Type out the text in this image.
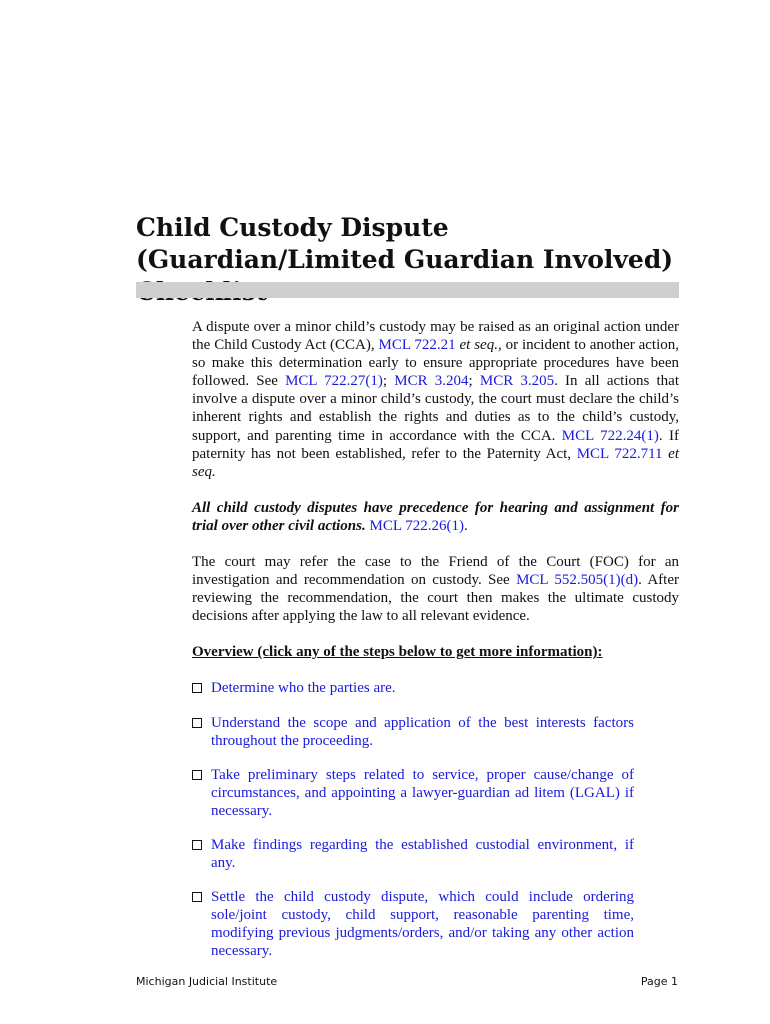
Child Custody Dispute (Guardian/Limited Guardian Involved)

A dispute over a minor child’s custody may be raised as an original action under the Child Custody Act (CCA), MCL 722.21 et seq., or incident to another action, so make this determination early to ensure appropriate procedures have been followed. See MCL 722.27(1); MCR 3.204; MCR 3.205. In all actions that involve a dispute over a minor child’s custody, the court must declare the child’s inherent rights and establish the rights and duties as to the child’s custody, support, and parenting time in accordance with the CCA. MCL 722.24(1). If paternity has not been established, refer to the Paternity Act, MCL 722.711 et seq.

All child custody disputes have precedence for hearing and assignment for trial over other civil actions. MCL 722.26(1).

The court may refer the case to the Friend of the Court (FOC) for an investigation and recommendation on custody. See MCL 552.505(1)(d). After reviewing the recommendation, the court then makes the ultimate custody decisions after applying the law to all relevant evidence.

Overview (click any of the steps below to get more information):

Determine who the parties are.
Understand the scope and application of the best interests factors throughout the proceeding.
Take preliminary steps related to service, proper cause/change of circumstances, and appointing a lawyer-guardian ad litem (LGAL) if necessary.
Make findings regarding the established custodial environment, if any.
Settle the child custody dispute, which could include ordering sole/joint custody, child support, reasonable parenting time, modifying previous judgments/orders, and/or taking any other action necessary.
Michigan Judicial Institute	Page 1
